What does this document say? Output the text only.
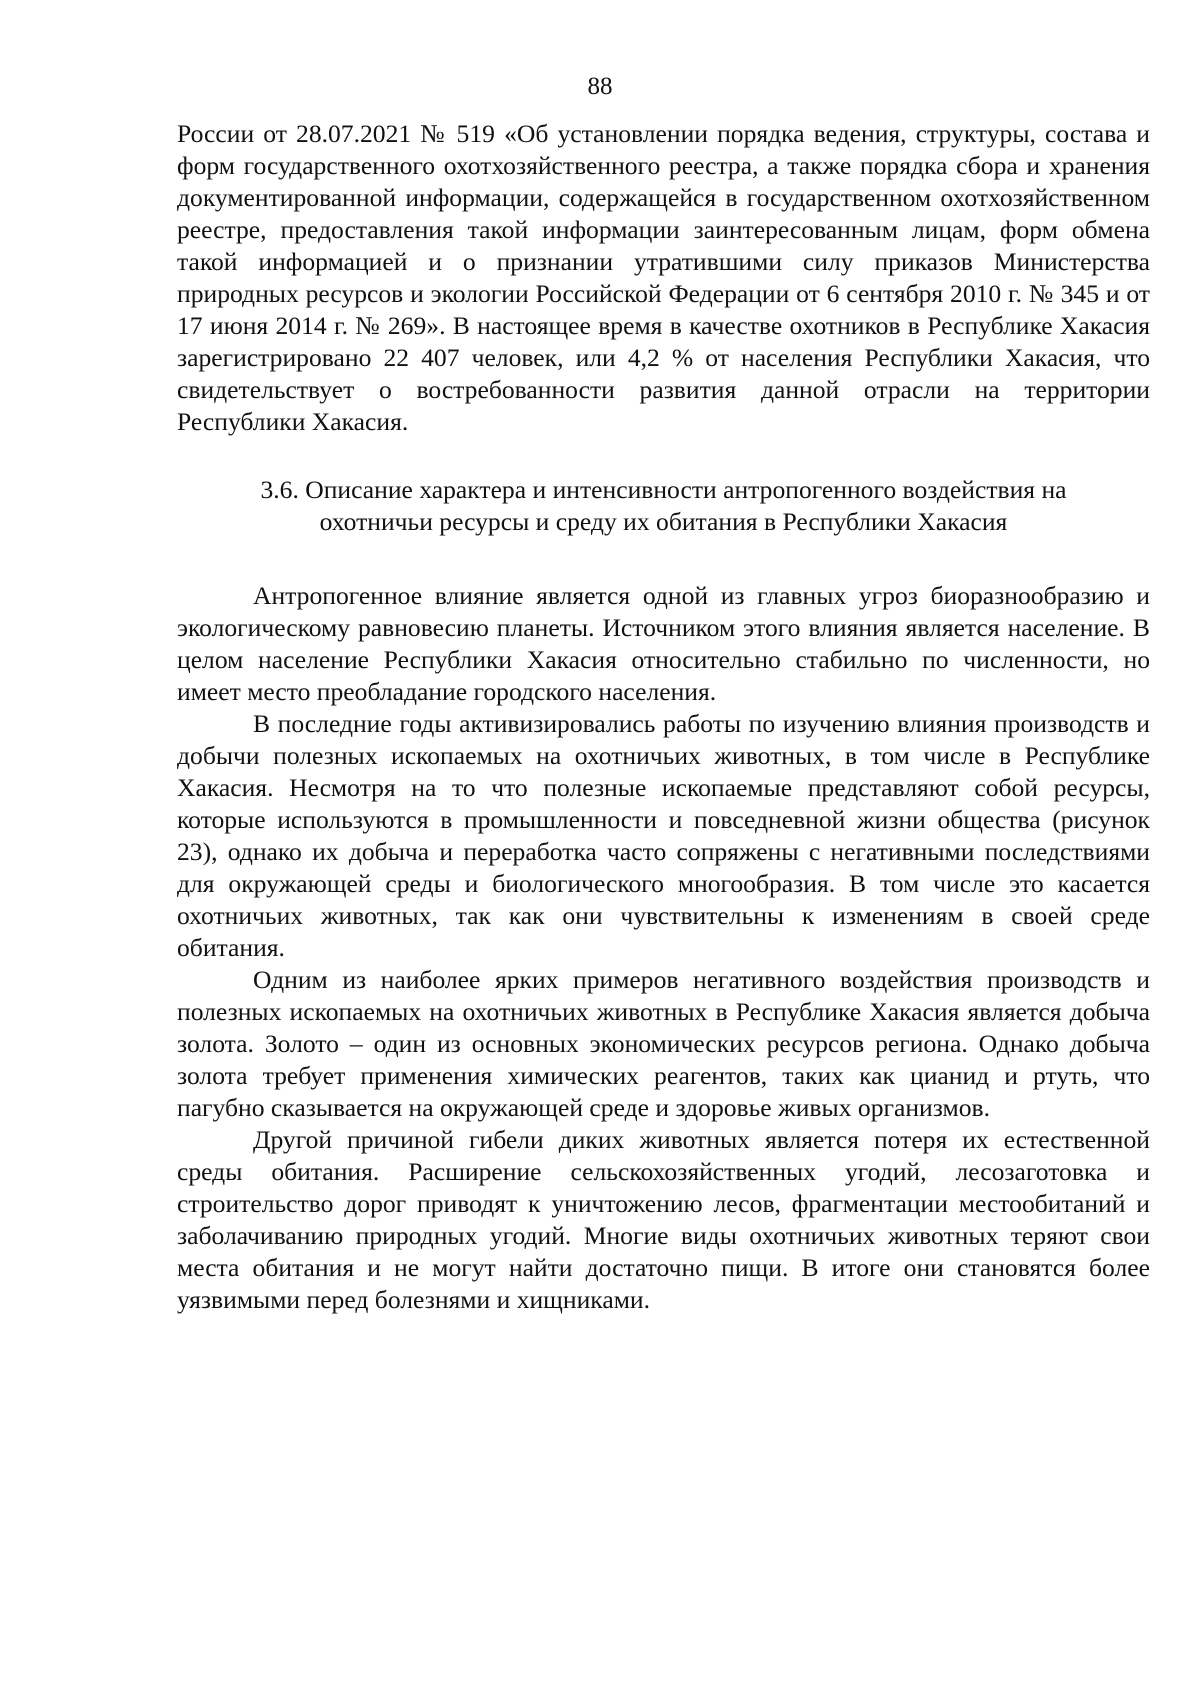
88

России от 28.07.2021 № 519 «Об установлении порядка ведения, структуры, состава и форм государственного охотхозяйственного реестра, а также порядка сбора и хранения документированной информации, содержащейся в государственном охотхозяйственном реестре, предоставления такой информации заинтересованным лицам, форм обмена такой информацией и о признании утратившими силу приказов Министерства природных ресурсов и экологии Российской Федерации от 6 сентября 2010 г. № 345 и от 17 июня 2014 г. № 269». В настоящее время в качестве охотников в Республике Хакасия зарегистрировано 22 407 человек, или 4,2 % от населения Республики Хакасия, что свидетельствует о востребованности развития данной отрасли на территории Республики Хакасия.

3.6. Описание характера и интенсивности антропогенного воздействия на
охотничьи ресурсы и среду их обитания в Республики Хакасия

Антропогенное влияние является одной из главных угроз биоразнообразию и экологическому равновесию планеты. Источником этого влияния является население. В целом население Республики Хакасия относительно стабильно по численности, но имеет место преобладание городского населения.

В последние годы активизировались работы по изучению влияния производств и добычи полезных ископаемых на охотничьих животных, в том числе в Республике Хакасия. Несмотря на то что полезные ископаемые представляют собой ресурсы, которые используются в промышленности и повседневной жизни общества (рисунок 23), однако их добыча и переработка часто сопряжены с негативными последствиями для окружающей среды и биологического многообразия. В том числе это касается охотничьих животных, так как они чувствительны к изменениям в своей среде обитания.

Одним из наиболее ярких примеров негативного воздействия производств и полезных ископаемых на охотничьих животных в Республике Хакасия является добыча золота. Золото – один из основных экономических ресурсов региона. Однако добыча золота требует применения химических реагентов, таких как цианид и ртуть, что пагубно сказывается на окружающей среде и здоровье живых организмов.

Другой причиной гибели диких животных является потеря их естественной среды обитания. Расширение сельскохозяйственных угодий, лесозаготовка и строительство дорог приводят к уничтожению лесов, фрагментации местообитаний и заболачиванию природных угодий. Многие виды охотничьих животных теряют свои места обитания и не могут найти достаточно пищи. В итоге они становятся более уязвимыми перед болезнями и хищниками.
